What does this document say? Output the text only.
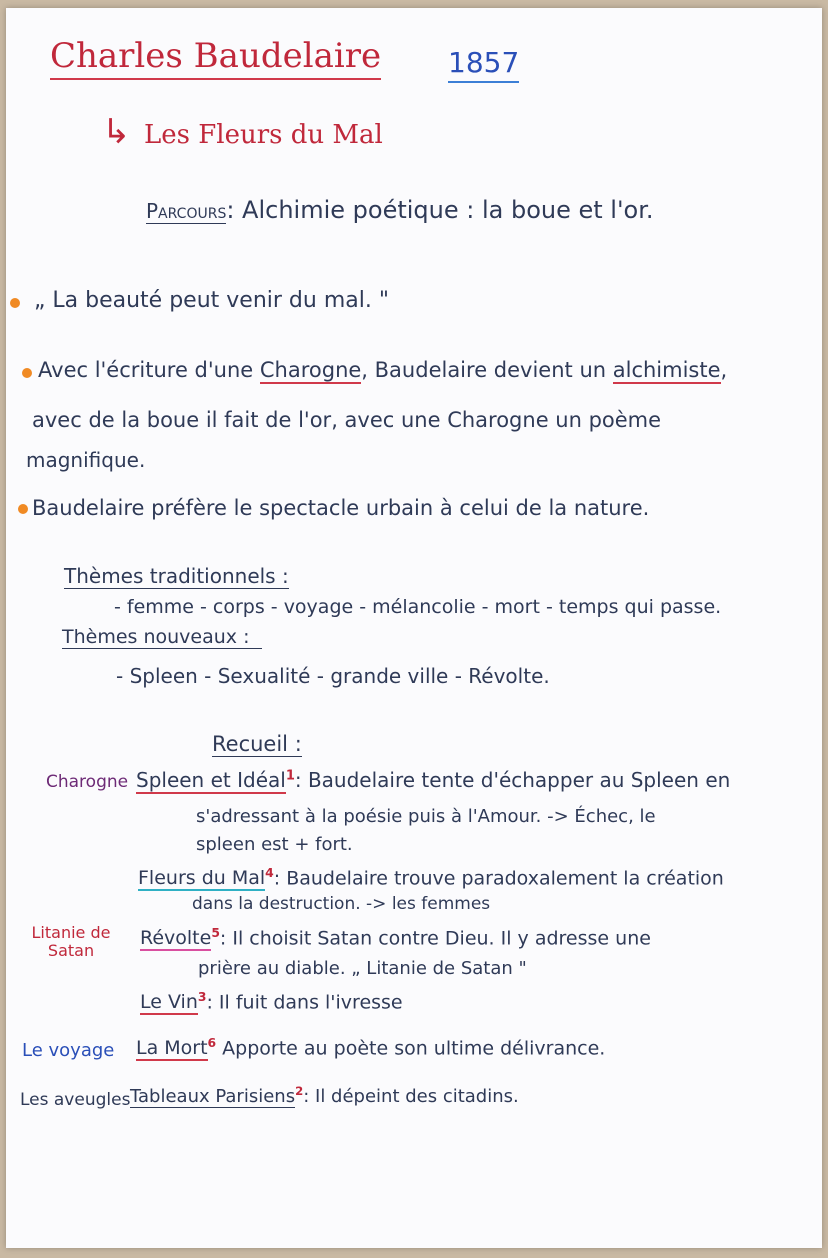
Charles Baudelaire 1857
↳ Les Fleurs du Mal
Parcours: Alchimie poétique : la boue et l'or.
„ La beauté peut venir du mal. "
Avec l'écriture d'une Charogne, Baudelaire devient un alchimiste,
avec de la boue il fait de l'or, avec une Charogne un poème
magnifique.
Baudelaire préfère le spectacle urbain à celui de la nature.
Thèmes traditionnels :
- femme - corps - voyage - mélancolie - mort - temps qui passe.
Thèmes nouveaux :
- Spleen - Sexualité - grande ville - Révolte.
Recueil :
Charogne Spleen et Idéal$^1$: Baudelaire tente d'échapper au Spleen en
s'adressant à la poésie puis à l'Amour. -> Échec, le
spleen est + fort.
Fleurs du Mal$^4$: Baudelaire trouve paradoxalement la création
dans la destruction. -> les femmes
Litanie de Satan
Révolte$^5$: Il choisit Satan contre Dieu. Il y adresse une
prière au diable. „ Litanie de Satan "
Le Vin$^3$: Il fuit dans l'ivresse
Le voyage La Mort$^6$ Apporte au poète son ultime délivrance.
Les aveugles Tableaux Parisiens$^2$: Il dépeint des citadins.
